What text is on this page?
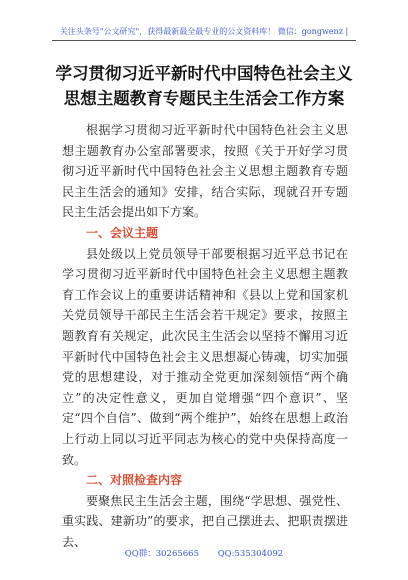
关注头条号"公文研究"，获得最新最全最专业的公文资料库！ 微信：gongwenz |
学习贯彻习近平新时代中国特色社会主义
思想主题教育专题民主生活会工作方案

根据学习贯彻习近平新时代中国特色社会主义思想主题教育办公室部署要求，按照《关于开好学习贯彻习近平新时代中国特色社会主义思想主题教育专题民主生活会的通知》安排，结合实际，现就召开专题民主生活会提出如下方案。

一、会议主题

县处级以上党员领导干部要根据习近平总书记在学习贯彻习近平新时代中国特色社会主义思想主题教育工作会议上的重要讲话精神和《县以上党和国家机关党员领导干部民主生活会若干规定》要求，按照主题教育有关规定，此次民主生活会以坚持不懈用习近平新时代中国特色社会主义思想凝心铸魂，切实加强党的思想建设，对于推动全党更加深刻领悟“两个确立”的决定性意义，更加自觉增强“四个意识”、坚定“四个自信”、做到“两个维护”，始终在思想上政治上行动上同以习近平同志为核心的党中央保持高度一致。

二、对照检查内容

要聚焦民主生活会主题，围绕“学思想、强党性、重实践、建新功”的要求，把自己摆进去、把职责摆进去、

QQ群：30265665 QQ:535304092
